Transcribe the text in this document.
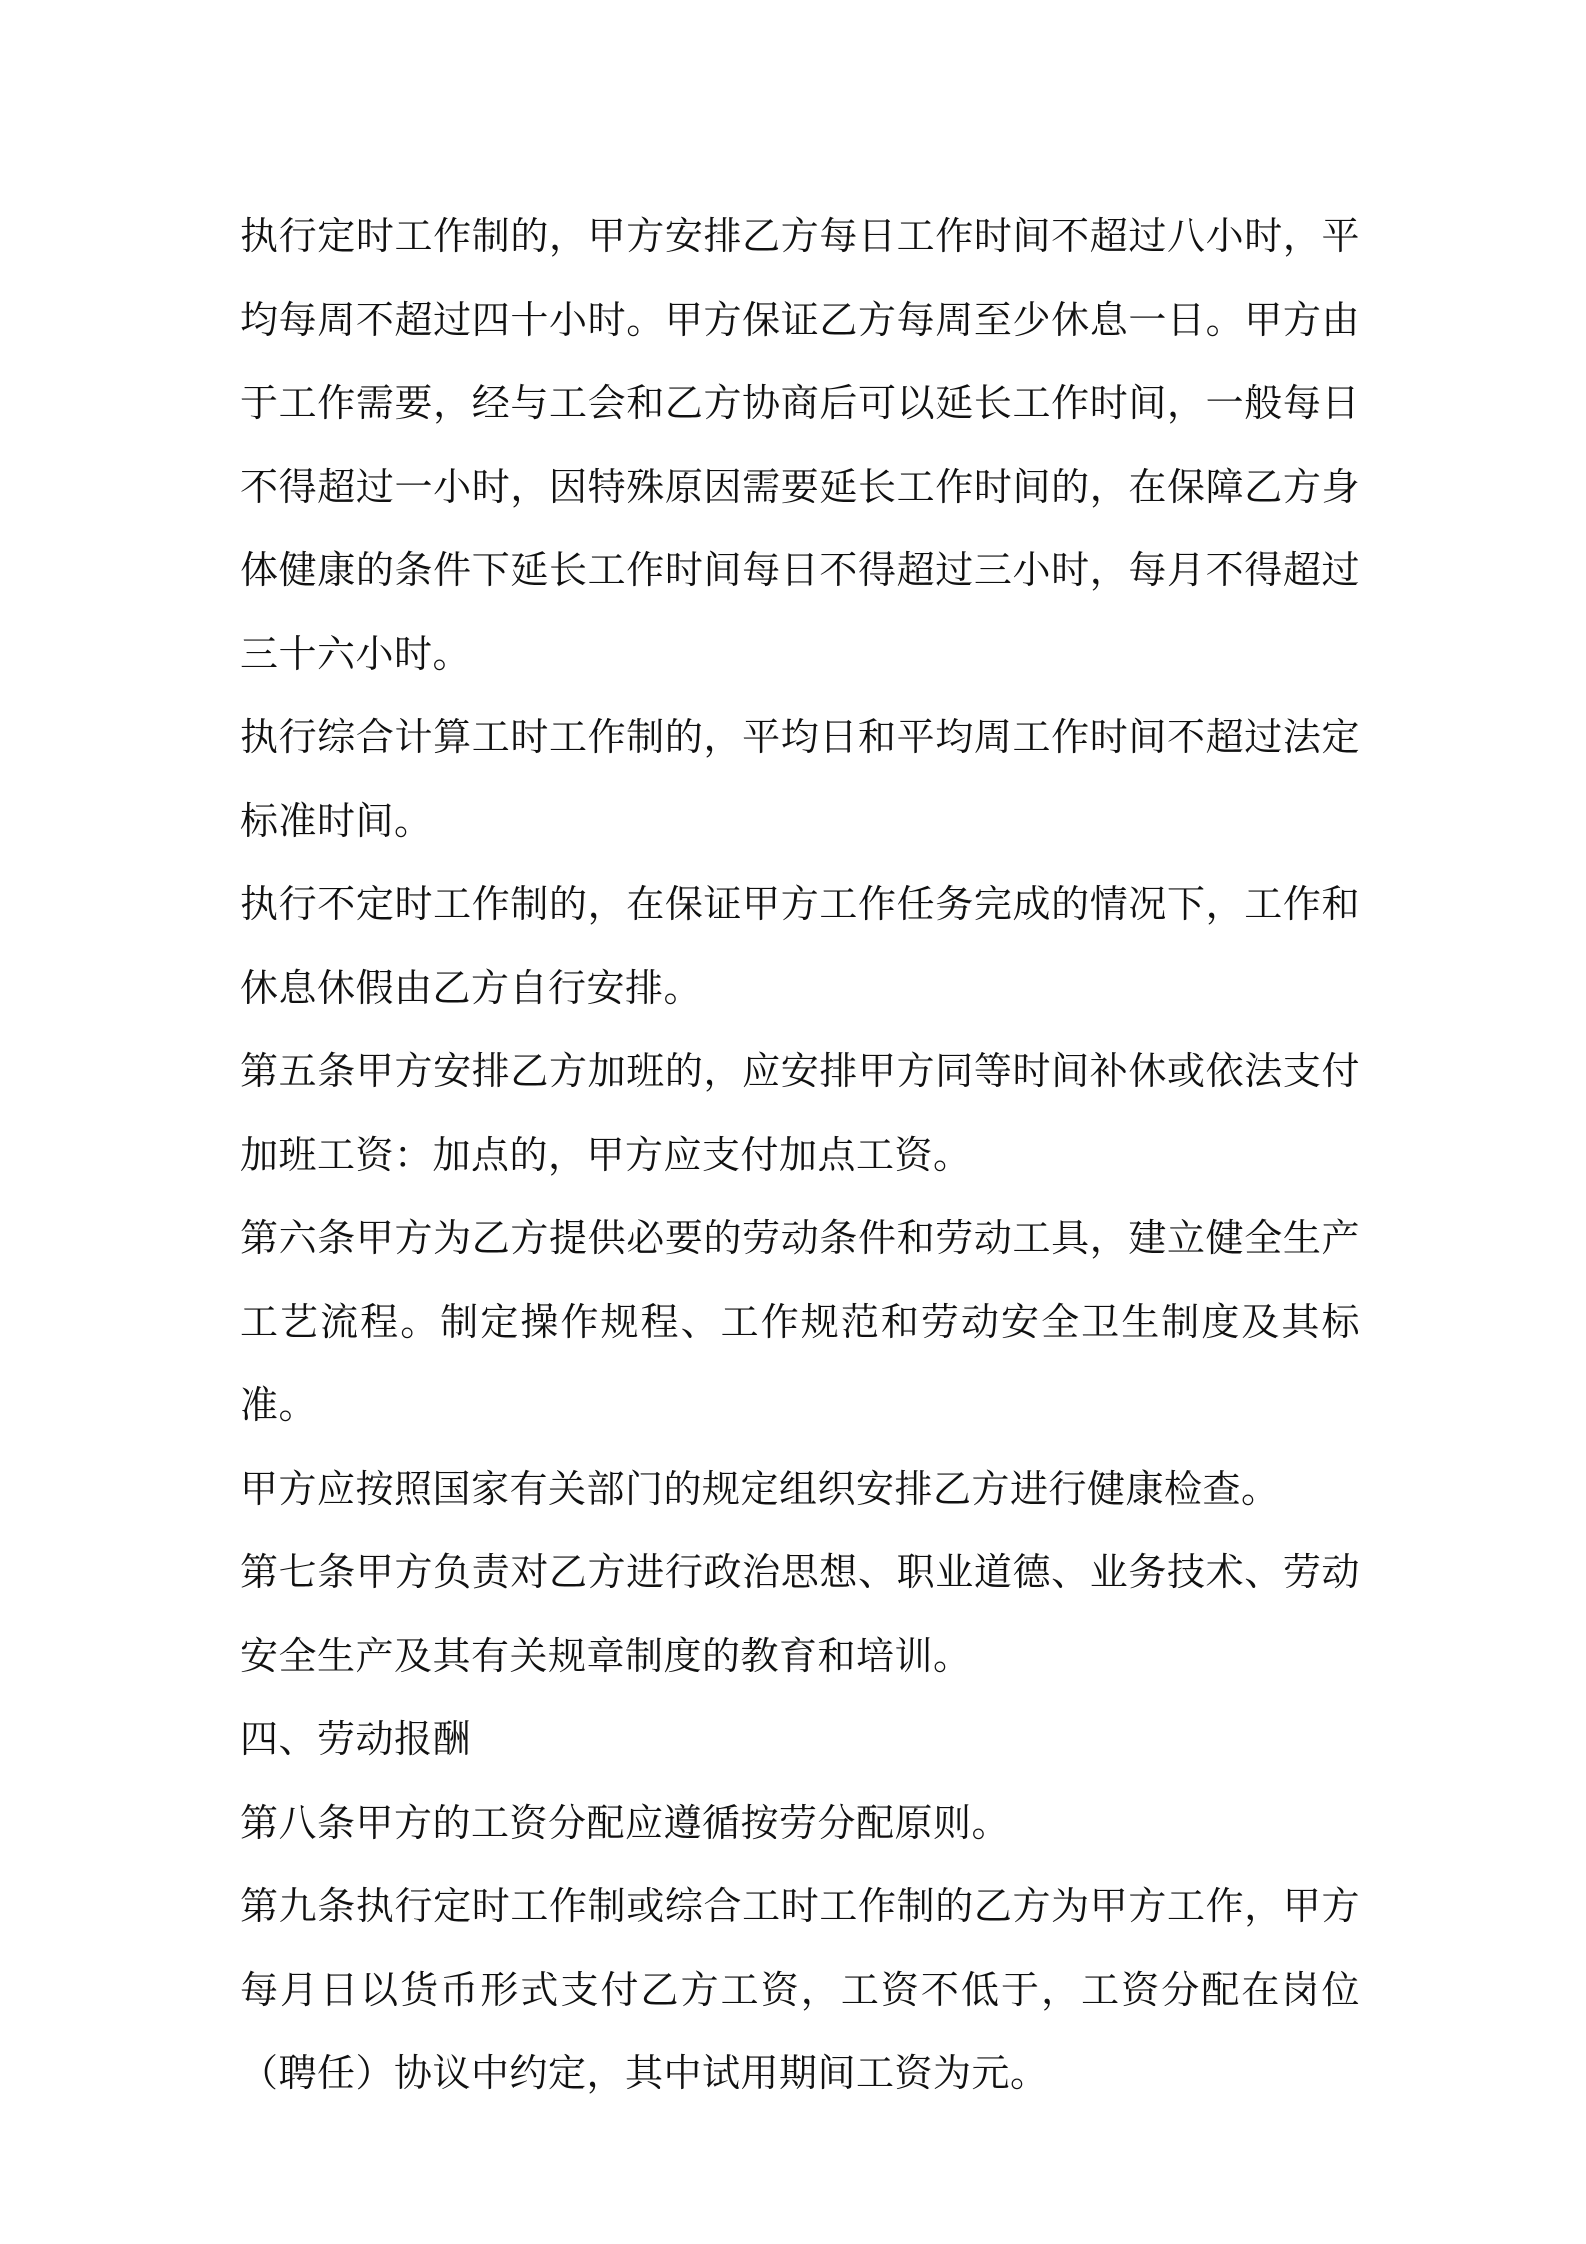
执行定时工作制的，甲方安排乙方每日工作时间不超过八小时，平均每周不超过四十小时。甲方保证乙方每周至少休息一日。甲方由于工作需要，经与工会和乙方协商后可以延长工作时间，一般每日不得超过一小时，因特殊原因需要延长工作时间的，在保障乙方身体健康的条件下延长工作时间每日不得超过三小时，每月不得超过三十六小时。

执行综合计算工时工作制的，平均日和平均周工作时间不超过法定标准时间。

执行不定时工作制的，在保证甲方工作任务完成的情况下，工作和休息休假由乙方自行安排。

第五条甲方安排乙方加班的，应安排甲方同等时间补休或依法支付加班工资：加点的，甲方应支付加点工资。

第六条甲方为乙方提供必要的劳动条件和劳动工具，建立健全生产工艺流程。制定操作规程、工作规范和劳动安全卫生制度及其标准。

甲方应按照国家有关部门的规定组织安排乙方进行健康检查。

第七条甲方负责对乙方进行政治思想、职业道德、业务技术、劳动安全生产及其有关规章制度的教育和培训。

四、劳动报酬

第八条甲方的工资分配应遵循按劳分配原则。

第九条执行定时工作制或综合工时工作制的乙方为甲方工作，甲方每月日以货币形式支付乙方工资，工资不低于，工资分配在岗位（聘任）协议中约定，其中试用期间工资为元。
